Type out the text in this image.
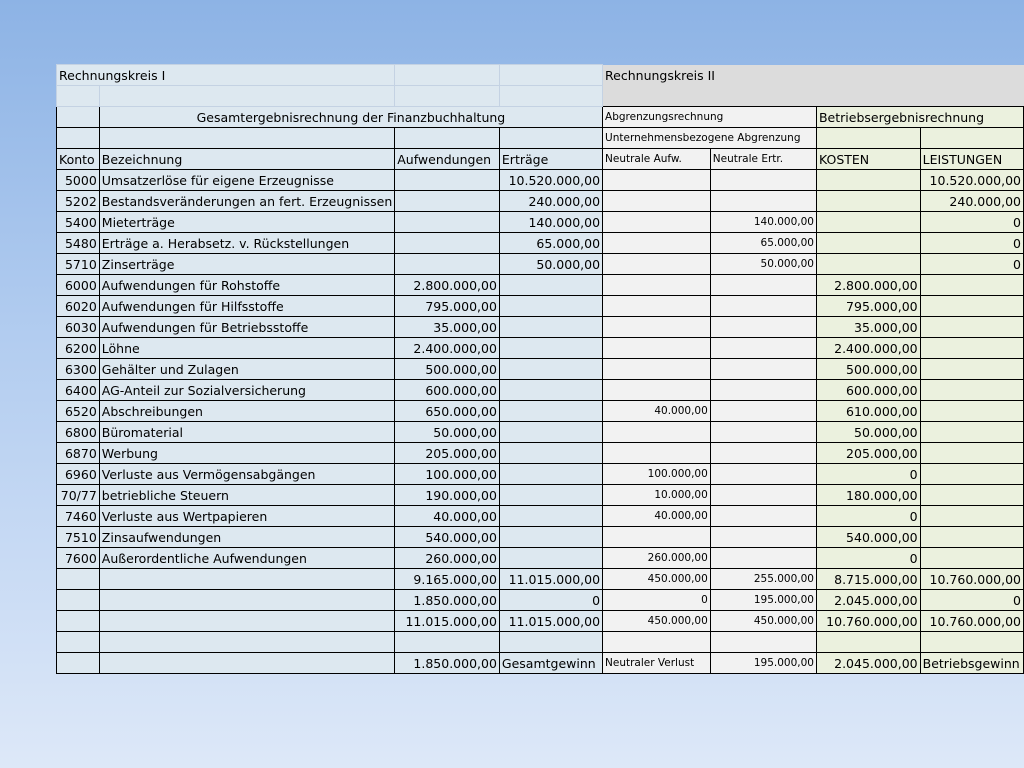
Rechnungskreis I				Rechnungskreis II			

	Gesamtergebnisrechnung der Finanzbuchhaltung			Abgrenzungsrechnung		Betriebsergebnisrechnung	
				Unternehmensbezogene Abgrenzung			
Konto	Bezeichnung	Aufwendungen	Erträge	Neutrale Aufw.	Neutrale Ertr.	KOSTEN	LEISTUNGEN
5000	Umsatzerlöse für eigene Erzeugnisse		10.520.000,00				10.520.000,00
5202	Bestandsveränderungen an fert. Erzeugnissen		240.000,00				240.000,00
5400	Mieterträge		140.000,00		140.000,00		0
5480	Erträge a. Herabsetz. v. Rückstellungen		65.000,00		65.000,00		0
5710	Zinserträge		50.000,00		50.000,00		0
6000	Aufwendungen für Rohstoffe	2.800.000,00				2.800.000,00	
6020	Aufwendungen für Hilfsstoffe	795.000,00				795.000,00	
6030	Aufwendungen für Betriebsstoffe	35.000,00				35.000,00	
6200	Löhne	2.400.000,00				2.400.000,00	
6300	Gehälter und Zulagen	500.000,00				500.000,00	
6400	AG-Anteil zur Sozialversicherung	600.000,00				600.000,00	
6520	Abschreibungen	650.000,00		40.000,00		610.000,00	
6800	Büromaterial	50.000,00				50.000,00	
6870	Werbung	205.000,00				205.000,00	
6960	Verluste aus Vermögensabgängen	100.000,00		100.000,00		0	
70/77	betriebliche Steuern	190.000,00		10.000,00		180.000,00	
7460	Verluste aus Wertpapieren	40.000,00		40.000,00		0	
7510	Zinsaufwendungen	540.000,00				540.000,00	
7600	Außerordentliche Aufwendungen	260.000,00		260.000,00		0	
		9.165.000,00	11.015.000,00	450.000,00	255.000,00	8.715.000,00	10.760.000,00
		1.850.000,00	0	0	195.000,00	2.045.000,00	0
		11.015.000,00	11.015.000,00	450.000,00	450.000,00	10.760.000,00	10.760.000,00

		1.850.000,00	Gesamtgewinn	Neutraler Verlust	195.000,00	2.045.000,00	Betriebsgewinn
